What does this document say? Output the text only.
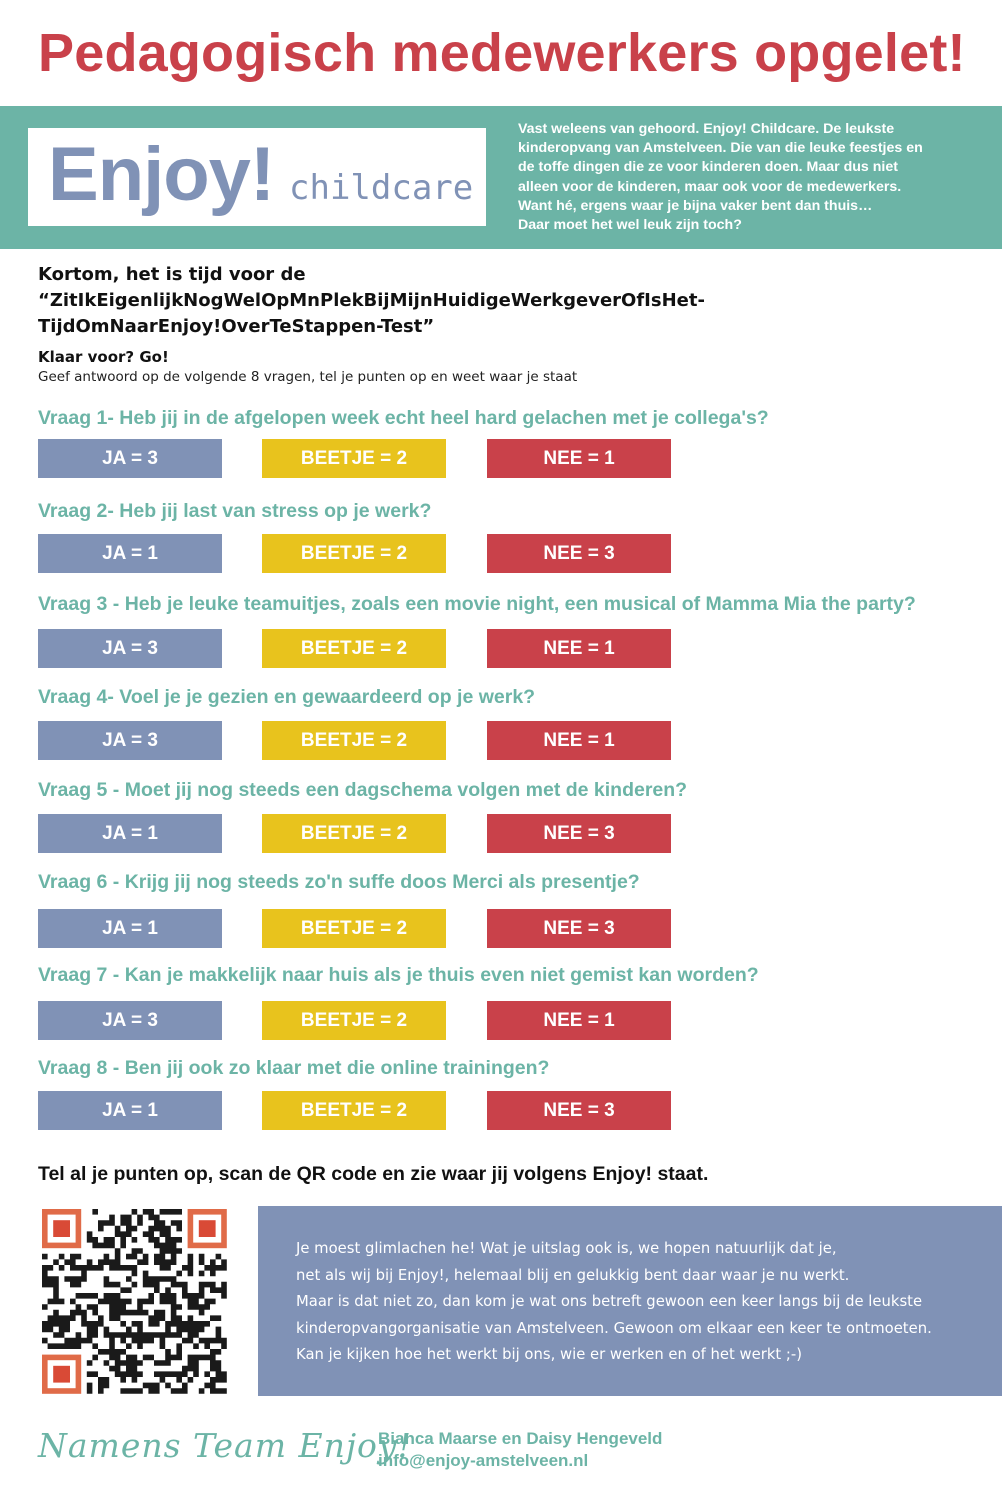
Pedagogisch medewerkers opgelet!
Enjoy! childcare
Vast weleens van gehoord. Enjoy! Childcare. De leukste
kinderopvang van Amstelveen. Die van die leuke feestjes en
de toffe dingen die ze voor kinderen doen. Maar dus niet
alleen voor de kinderen, maar ook voor de medewerkers.
Want hé, ergens waar je bijna vaker bent dan thuis…
Daar moet het wel leuk zijn toch?
Kortom, het is tijd voor de “ZitIkEigenlijkNogWelOpMnPlekBijMijnHuidigeWerkgeverOfIsHet-
TijdOmNaarEnjoy!OverTeStappen-Test”
Klaar voor? Go!
Geef antwoord op de volgende 8 vragen, tel je punten op en weet waar je staat
Vraag 1- Heb jij in de afgelopen week echt heel hard gelachen met je collega's?
JA = 3	BEETJE = 2	NEE = 1
Vraag 2- Heb jij last van stress op je werk?
JA = 1	BEETJE = 2	NEE = 3
Vraag 3 - Heb je leuke teamuitjes, zoals een movie night, een musical of Mamma Mia the party?
JA = 3	BEETJE = 2	NEE = 1
Vraag 4- Voel je je gezien en gewaardeerd op je werk?
JA = 3	BEETJE = 2	NEE = 1
Vraag 5 - Moet jij nog steeds een dagschema volgen met de kinderen?
JA = 1	BEETJE = 2	NEE = 3
Vraag 6 - Krijg jij nog steeds zo'n suffe doos Merci als presentje?
JA = 1	BEETJE = 2	NEE = 3
Vraag 7 - Kan je makkelijk naar huis als je thuis even niet gemist kan worden?
JA = 3	BEETJE = 2	NEE = 1
Vraag 8 - Ben jij ook zo klaar met die online trainingen?
JA = 1	BEETJE = 2	NEE = 3
Tel al je punten op, scan de QR code en zie waar jij volgens Enjoy! staat.
Je moest glimlachen he! Wat je uitslag ook is, we hopen natuurlijk dat je,
net als wij bij Enjoy!, helemaal blij en gelukkig bent daar waar je nu werkt.
Maar is dat niet zo, dan kom je wat ons betreft gewoon een keer langs bij de leukste
kinderopvangorganisatie van Amstelveen. Gewoon om elkaar een keer te ontmoeten.
Kan je kijken hoe het werkt bij ons, wie er werken en of het werkt ;-)
Namens Team Enjoy!
Bianca Maarse en Daisy Hengeveld
info@enjoy-amstelveen.nl
